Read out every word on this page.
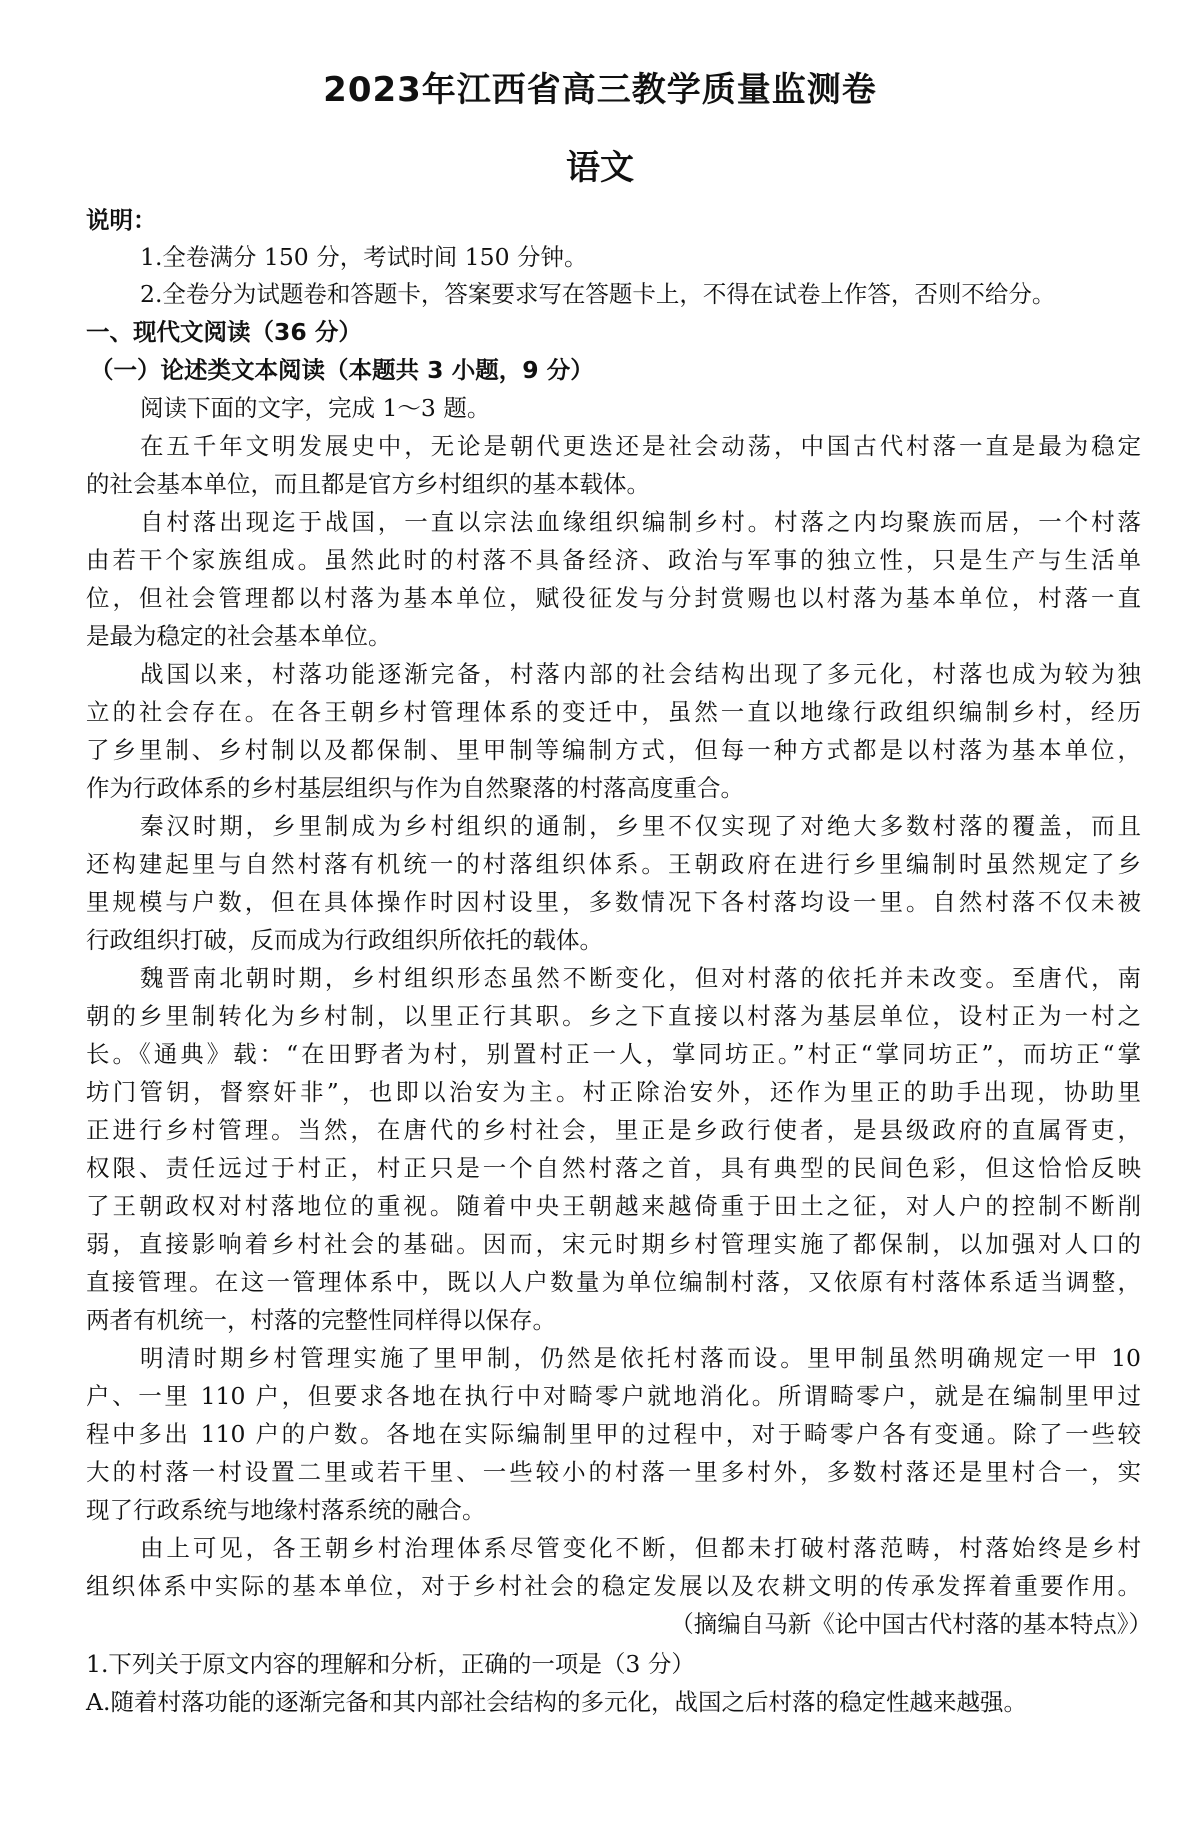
2023年江西省高三教学质量监测卷
语文
说明：
1.全卷满分 150 分，考试时间 150 分钟。
2.全卷分为试题卷和答题卡，答案要求写在答题卡上，不得在试卷上作答，否则不给分。
一、现代文阅读（36 分）
（一）论述类文本阅读（本题共 3 小题，9 分）
阅读下面的文字，完成 1～3 题。
在五千年文明发展史中，无论是朝代更迭还是社会动荡，中国古代村落一直是最为稳定
的社会基本单位，而且都是官方乡村组织的基本载体。
自村落出现迄于战国，一直以宗法血缘组织编制乡村。村落之内均聚族而居，一个村落
由若干个家族组成。虽然此时的村落不具备经济、政治与军事的独立性，只是生产与生活单
位，但社会管理都以村落为基本单位，赋役征发与分封赏赐也以村落为基本单位，村落一直
是最为稳定的社会基本单位。
战国以来，村落功能逐渐完备，村落内部的社会结构出现了多元化，村落也成为较为独
立的社会存在。在各王朝乡村管理体系的变迁中，虽然一直以地缘行政组织编制乡村，经历
了乡里制、乡村制以及都保制、里甲制等编制方式，但每一种方式都是以村落为基本单位，
作为行政体系的乡村基层组织与作为自然聚落的村落高度重合。
秦汉时期，乡里制成为乡村组织的通制，乡里不仅实现了对绝大多数村落的覆盖，而且
还构建起里与自然村落有机统一的村落组织体系。王朝政府在进行乡里编制时虽然规定了乡
里规模与户数，但在具体操作时因村设里，多数情况下各村落均设一里。自然村落不仅未被
行政组织打破，反而成为行政组织所依托的载体。
魏晋南北朝时期，乡村组织形态虽然不断变化，但对村落的依托并未改变。至唐代，南
朝的乡里制转化为乡村制，以里正行其职。乡之下直接以村落为基层单位，设村正为一村之
长。《通典》载：“在田野者为村，别置村正一人，掌同坊正。”村正“掌同坊正”，而坊正“掌
坊门管钥，督察奸非”，也即以治安为主。村正除治安外，还作为里正的助手出现，协助里
正进行乡村管理。当然，在唐代的乡村社会，里正是乡政行使者，是县级政府的直属胥吏，
权限、责任远过于村正，村正只是一个自然村落之首，具有典型的民间色彩，但这恰恰反映
了王朝政权对村落地位的重视。随着中央王朝越来越倚重于田土之征，对人户的控制不断削
弱，直接影响着乡村社会的基础。因而，宋元时期乡村管理实施了都保制，以加强对人口的
直接管理。在这一管理体系中，既以人户数量为单位编制村落，又依原有村落体系适当调整，
两者有机统一，村落的完整性同样得以保存。
明清时期乡村管理实施了里甲制，仍然是依托村落而设。里甲制虽然明确规定一甲 10
户、一里 110 户，但要求各地在执行中对畸零户就地消化。所谓畸零户，就是在编制里甲过
程中多出 110 户的户数。各地在实际编制里甲的过程中，对于畸零户各有变通。除了一些较
大的村落一村设置二里或若干里、一些较小的村落一里多村外，多数村落还是里村合一，实
现了行政系统与地缘村落系统的融合。
由上可见，各王朝乡村治理体系尽管变化不断，但都未打破村落范畴，村落始终是乡村
组织体系中实际的基本单位，对于乡村社会的稳定发展以及农耕文明的传承发挥着重要作用。
（摘编自马新《论中国古代村落的基本特点》）
1.下列关于原文内容的理解和分析，正确的一项是（3 分）
A.随着村落功能的逐渐完备和其内部社会结构的多元化，战国之后村落的稳定性越来越强。
